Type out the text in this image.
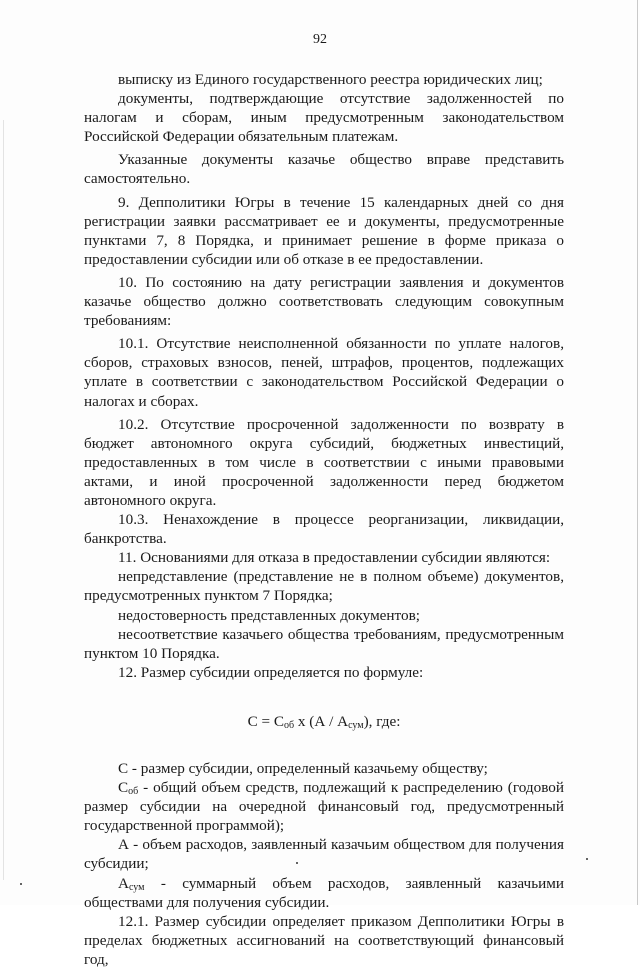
92

выписку из Единого государственного реестра юридических лиц;

документы, подтверждающие отсутствие задолженностей по налогам и сборам, иным предусмотренным законодательством Российской Федерации обязательным платежам.

Указанные документы казачье общество вправе представить самостоятельно.

9. Депполитики Югры в течение 15 календарных дней со дня регистрации заявки рассматривает ее и документы, предусмотренные пунктами 7, 8 Порядка, и принимает решение в форме приказа о предоставлении субсидии или об отказе в ее предоставлении.

10. По состоянию на дату регистрации заявления и документов казачье общество должно соответствовать следующим совокупным требованиям:

10.1. Отсутствие неисполненной обязанности по уплате налогов, сборов, страховых взносов, пеней, штрафов, процентов, подлежащих уплате в соответствии с законодательством Российской Федерации о налогах и сборах.

10.2. Отсутствие просроченной задолженности по возврату в бюджет автономного округа субсидий, бюджетных инвестиций, предоставленных в том числе в соответствии с иными правовыми актами, и иной просроченной задолженности перед бюджетом автономного округа.

10.3. Ненахождение в процессе реорганизации, ликвидации, банкротства.

11. Основаниями для отказа в предоставлении субсидии являются:

непредставление (представление не в полном объеме) документов, предусмотренных пунктом 7 Порядка;

недостоверность представленных документов;

несоответствие казачьего общества требованиям, предусмотренным пунктом 10 Порядка.

12. Размер субсидии определяется по формуле:

$С = С_{об}$ х $(А / А_{сум})$, где:

С - размер субсидии, определенный казачьему обществу;

$С_{об}$ - общий объем средств, подлежащий к распределению (годовой размер субсидии на очередной финансовый год, предусмотренный государственной программой);

А - объем расходов, заявленный казачьим обществом для получения субсидии;

$А_{сум}$ - суммарный объем расходов, заявленный казачьими обществами для получения субсидии.

12.1. Размер субсидии определяет приказом Депполитики Югры в пределах бюджетных ассигнований на соответствующий финансовый год,
